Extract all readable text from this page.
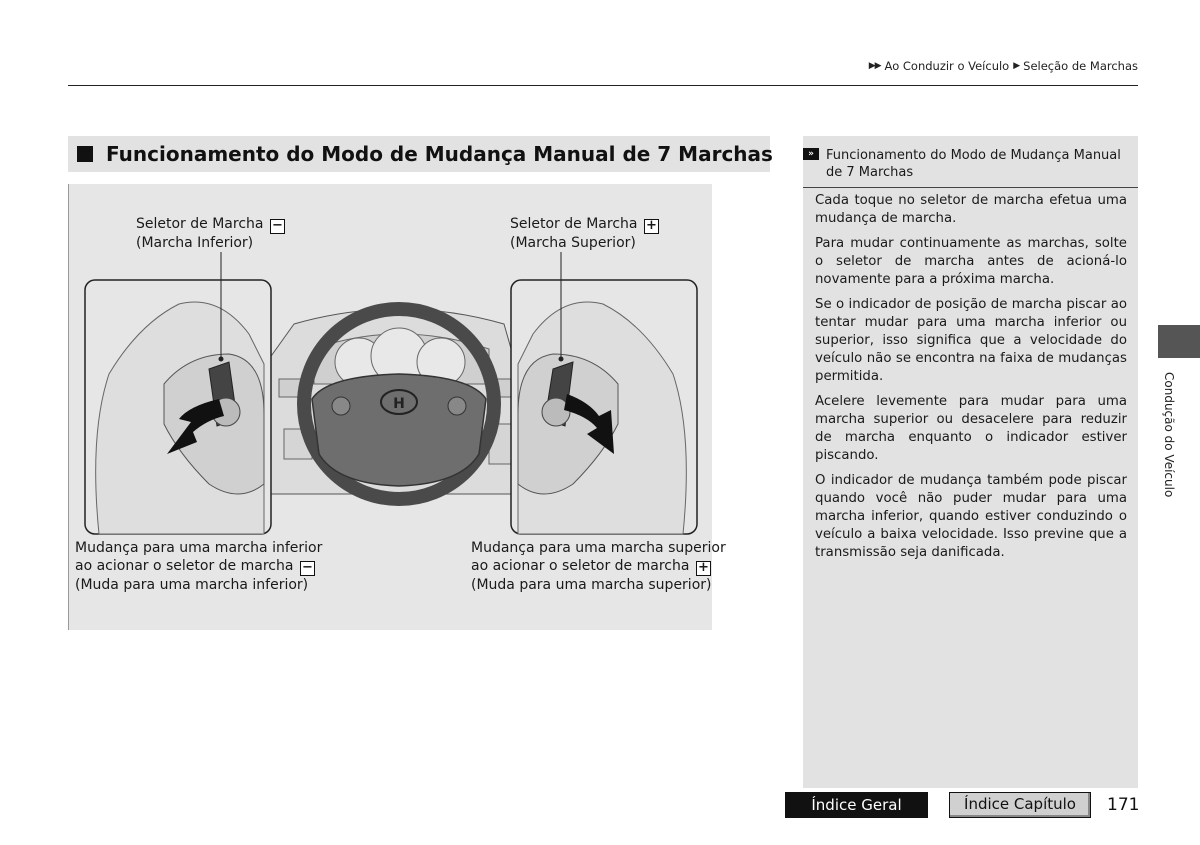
▶▶ Ao Conduzir o Veículo ▶ Seleção de Marchas
Funcionamento do Modo de Mudança Manual de 7 Marchas
H
Seletor de Marcha −
(Marcha Inferior)
Seletor de Marcha +
(Marcha Superior)
Mudança para uma marcha inferior
ao acionar o seletor de marcha −
(Muda para uma marcha inferior)
Mudança para uma marcha superior
ao acionar o seletor de marcha +
(Muda para uma marcha superior)
» Funcionamento do Modo de Mudança Manual de 7 Marchas

Cada toque no seletor de marcha efetua uma mudança de marcha.

Para mudar continuamente as marchas, solte o seletor de marcha antes de acioná-lo novamente para a próxima marcha.

Se o indicador de posição de marcha piscar ao tentar mudar para uma marcha inferior ou superior, isso significa que a velocidade do veículo não se encontra na faixa de mudanças permitida.

Acelere levemente para mudar para uma marcha superior ou desacelere para reduzir de marcha enquanto o indicador estiver piscando.

O indicador de mudança também pode piscar quando você não puder mudar para uma marcha inferior, quando estiver conduzindo o veículo a baixa velocidade. Isso previne que a transmissão seja danificada.

Condução do Veículo
Índice Geral	Índice Capítulo	171
